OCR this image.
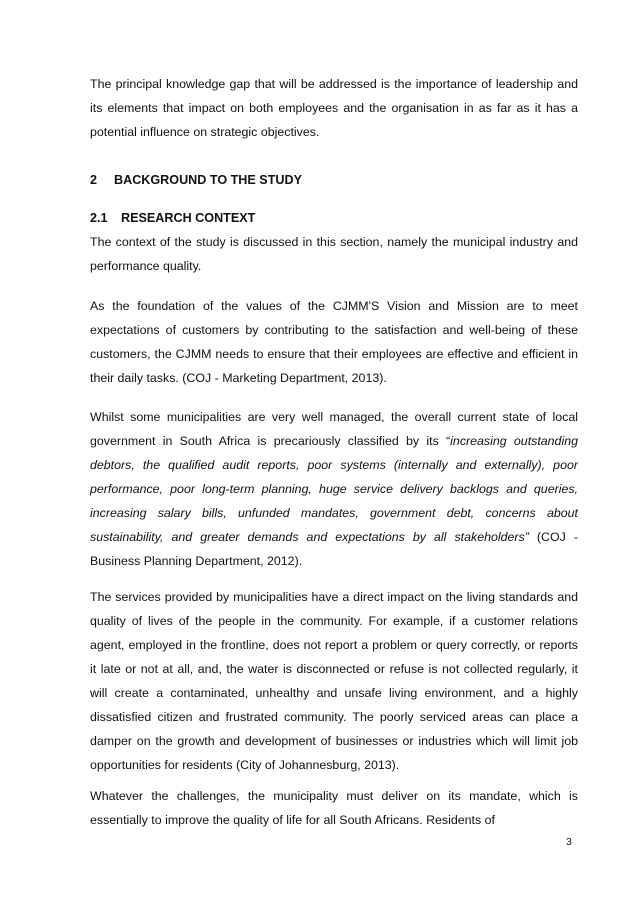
The principal knowledge gap that will be addressed is the importance of leadership and its elements that impact on both employees and the organisation in as far as it has a potential influence on strategic objectives.

2 BACKGROUND TO THE STUDY
2.1 RESEARCH CONTEXT

The context of the study is discussed in this section, namely the municipal industry and performance quality.

As the foundation of the values of the CJMM'S Vision and Mission are to meet expectations of customers by contributing to the satisfaction and well-being of these customers, the CJMM needs to ensure that their employees are effective and efficient in their daily tasks. (COJ - Marketing Department, 2013).

Whilst some municipalities are very well managed, the overall current state of local government in South Africa is precariously classified by its “increasing outstanding debtors, the qualified audit reports, poor systems (internally and externally), poor performance, poor long-term planning, huge service delivery backlogs and queries, increasing salary bills, unfunded mandates, government debt, concerns about sustainability, and greater demands and expectations by all stakeholders” (COJ - Business Planning Department, 2012).

The services provided by municipalities have a direct impact on the living standards and quality of lives of the people in the community. For example, if a customer relations agent, employed in the frontline, does not report a problem or query correctly, or reports it late or not at all, and, the water is disconnected or refuse is not collected regularly, it will create a contaminated, unhealthy and unsafe living environment, and a highly dissatisfied citizen and frustrated community. The poorly serviced areas can place a damper on the growth and development of businesses or industries which will limit job opportunities for residents (City of Johannesburg, 2013).

Whatever the challenges, the municipality must deliver on its mandate, which is essentially to improve the quality of life for all South Africans. Residents of

3
